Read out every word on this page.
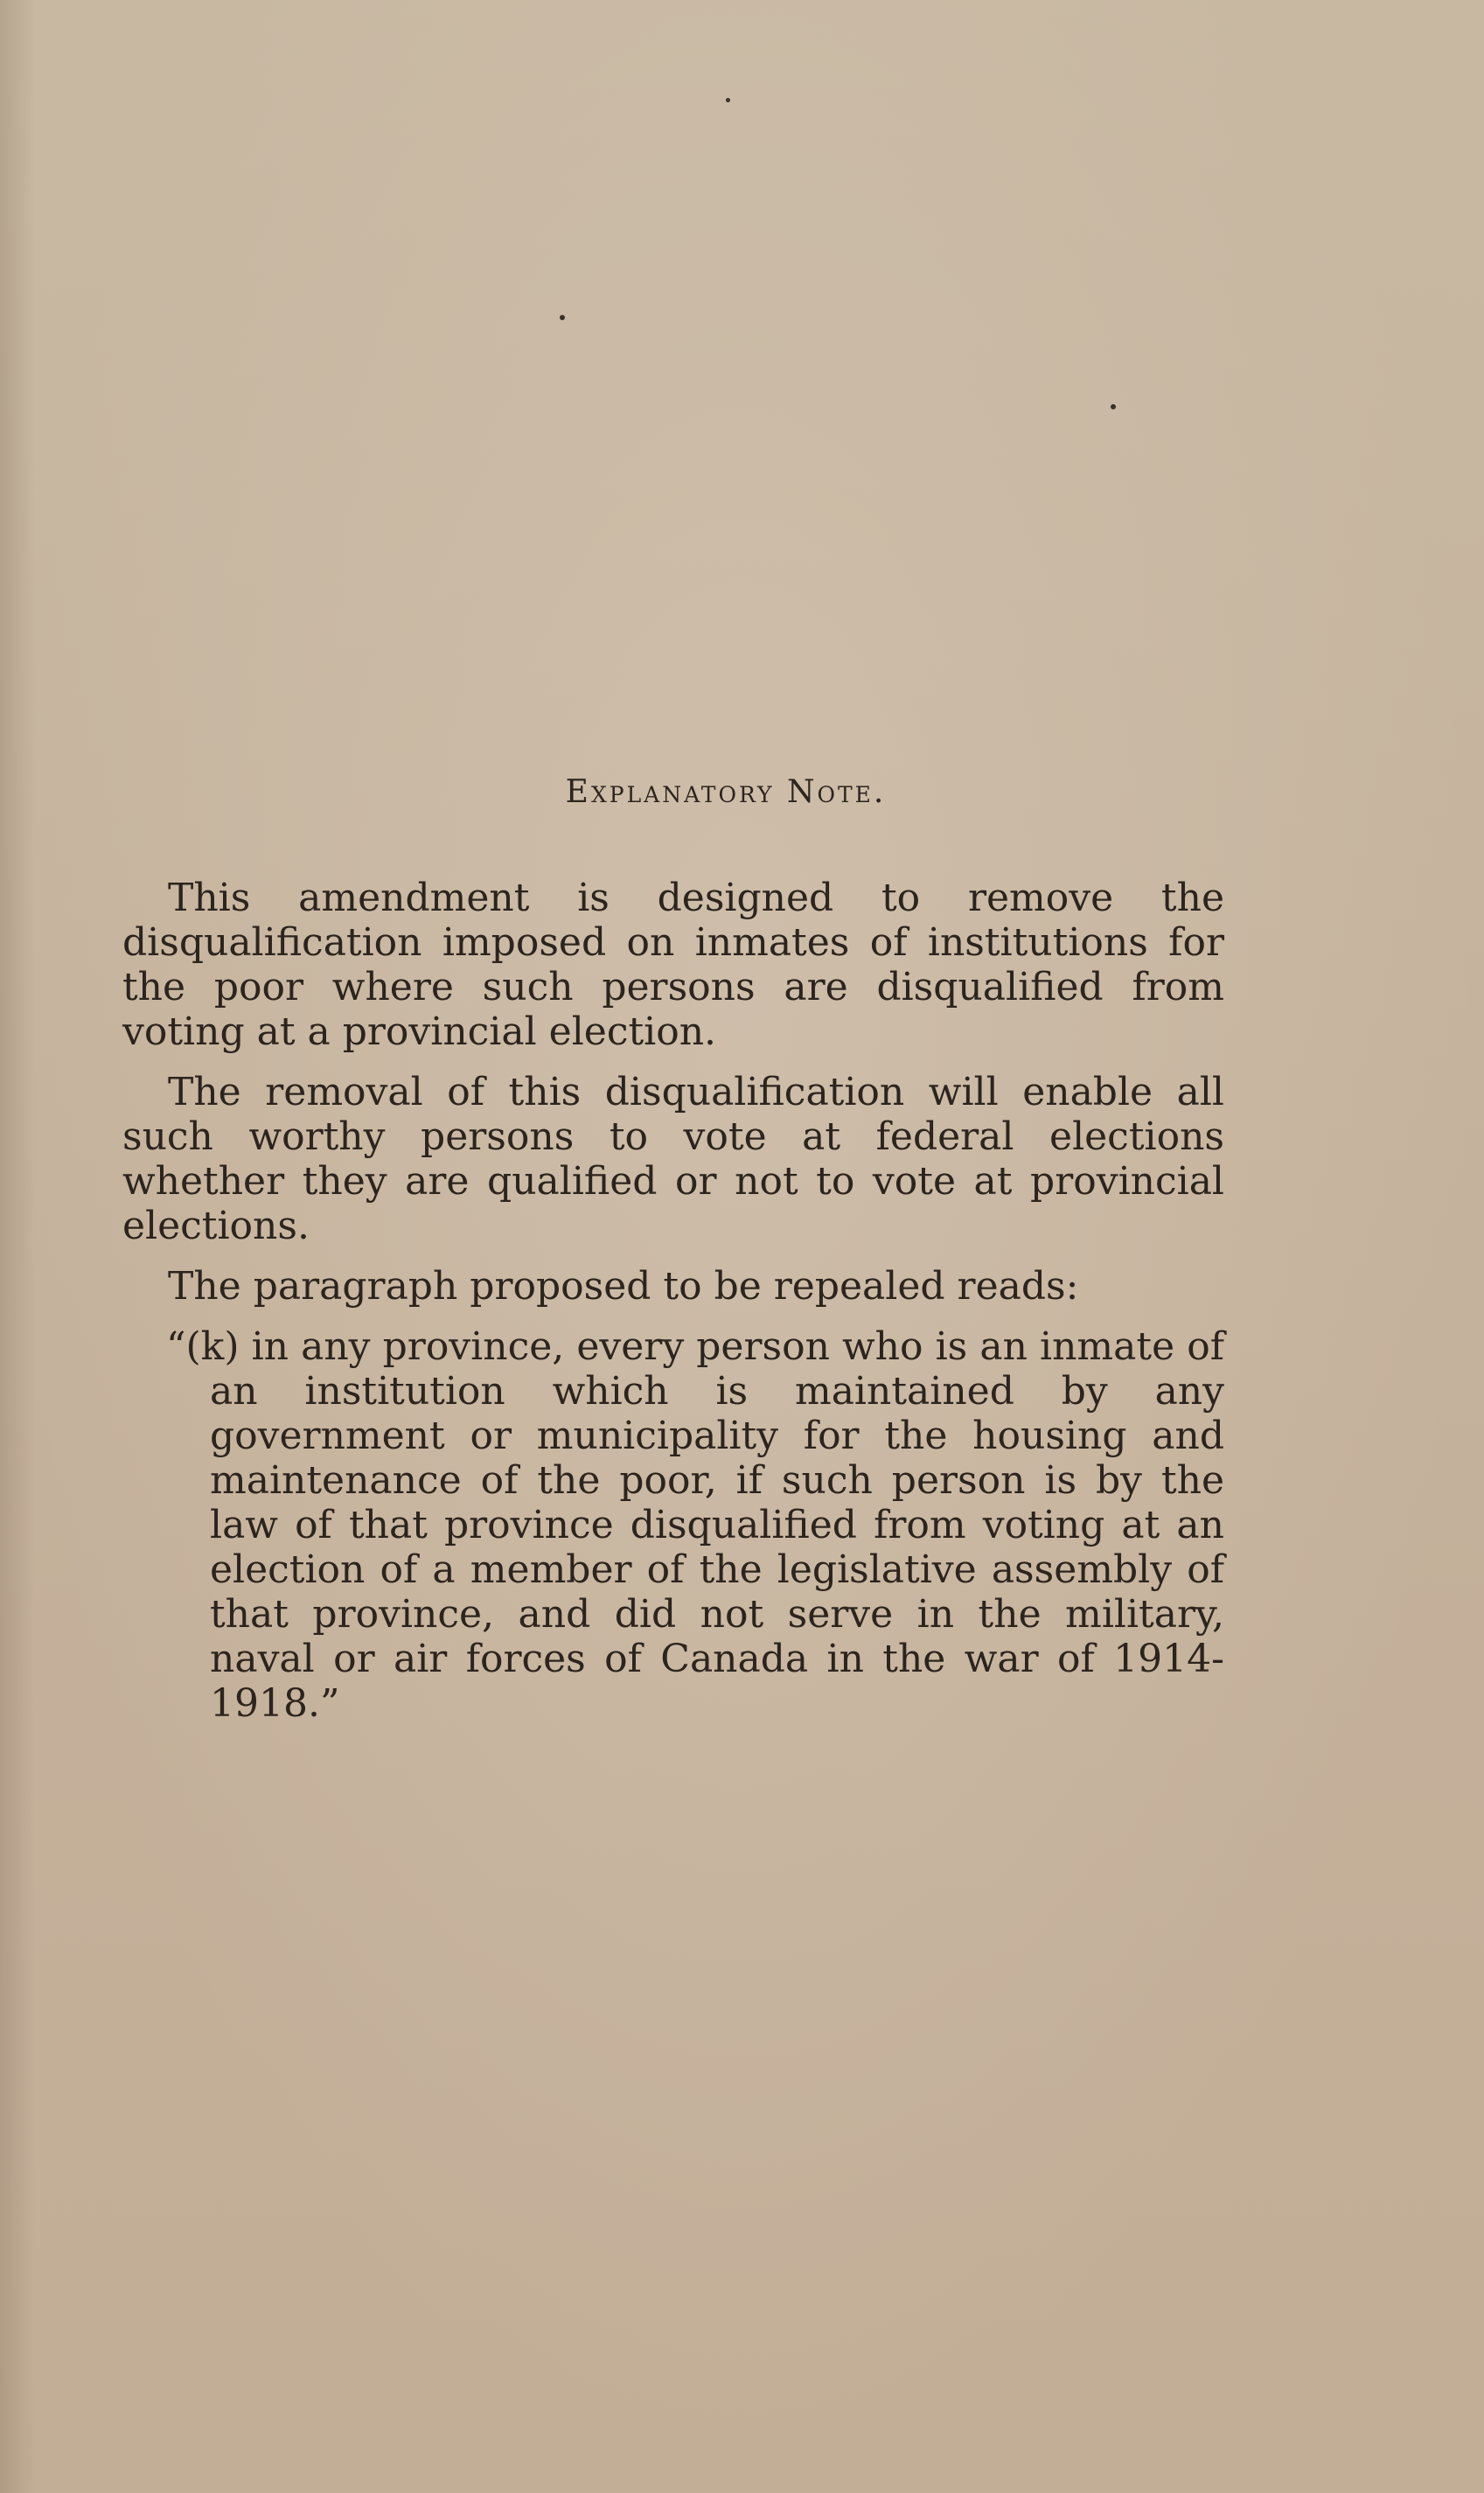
Explanatory Note.

This amendment is designed to remove the disqualification imposed on inmates of institutions for the poor where such persons are disqualified from voting at a provincial election.

The removal of this disqualification will enable all such worthy persons to vote at federal elections whether they are qualified or not to vote at provincial elections.

The paragraph proposed to be repealed reads:

“(k) in any province, every person who is an inmate of an institution which is maintained by any government or municipality for the housing and maintenance of the poor, if such person is by the law of that province disqualified from voting at an election of a member of the legislative assembly of that province, and did not serve in the military, naval or air forces of Canada in the war of 1914-1918.”
